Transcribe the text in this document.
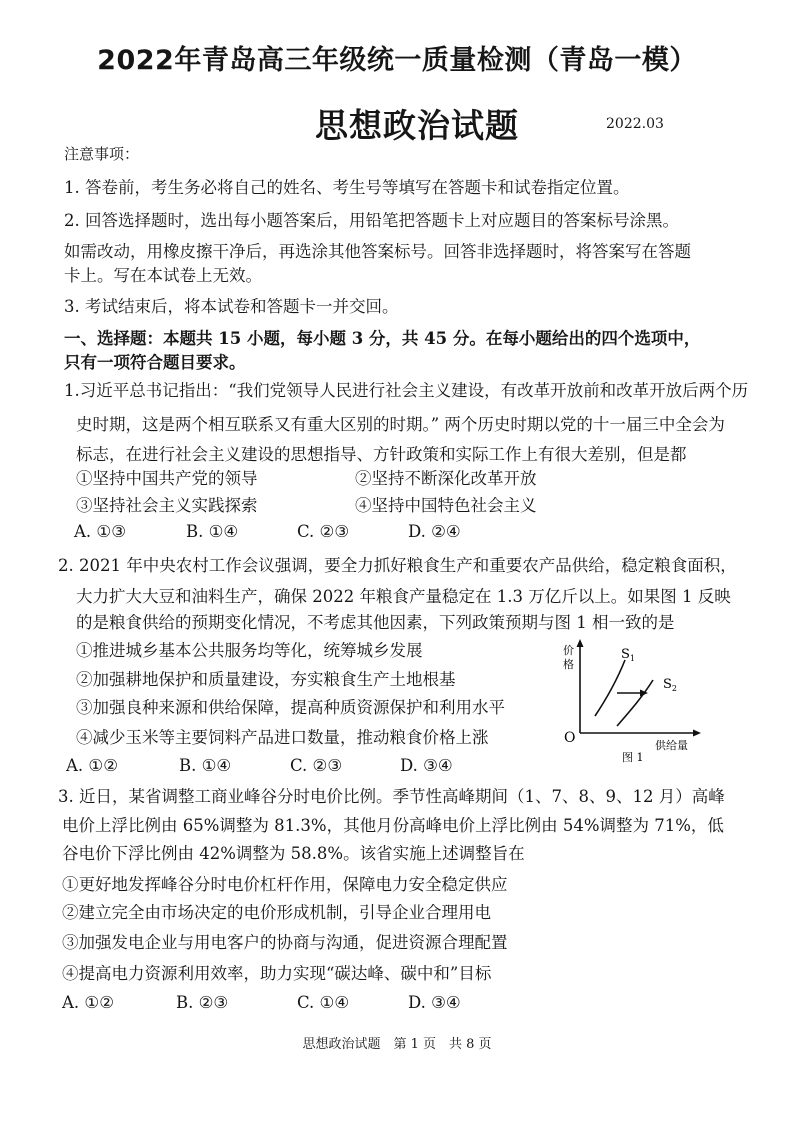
2022年青岛高三年级统一质量检测（青岛一模）
思想政治试题	2022.03
注意事项：
1. 答卷前，考生务必将自己的姓名、考生号等填写在答题卡和试卷指定位置。
2. 回答选择题时，选出每小题答案后，用铅笔把答题卡上对应题目的答案标号涂黑。
如需改动，用橡皮擦干净后，再选涂其他答案标号。回答非选择题时，将答案写在答题
卡上。写在本试卷上无效。
3. 考试结束后，将本试卷和答题卡一并交回。
一、选择题：本题共 15 小题，每小题 3 分，共 45 分。在每小题给出的四个选项中，
只有一项符合题目要求。
1.习近平总书记指出：“我们党领导人民进行社会主义建设，有改革开放前和改革开放后两个历
史时期，这是两个相互联系又有重大区别的时期。” 两个历史时期以党的十一届三中全会为
标志，在进行社会主义建设的思想指导、方针政策和实际工作上有很大差别，但是都
①坚持中国共产党的领导	②坚持不断深化改革开放
③坚持社会主义实践探索	④坚持中国特色社会主义
A. ①③	B. ①④	C. ②③	D. ②④
2. 2021 年中央农村工作会议强调，要全力抓好粮食生产和重要农产品供给，稳定粮食面积，
大力扩大大豆和油料生产，确保 2022 年粮食产量稳定在 1.3 万亿斤以上。如果图 1 反映
的是粮食供给的预期变化情况，不考虑其他因素，下列政策预期与图 1 相一致的是
①推进城乡基本公共服务均等化，统筹城乡发展
②加强耕地保护和质量建设，夯实粮食生产土地根基
③加强良种来源和供给保障，提高种质资源保护和利用水平
④减少玉米等主要饲料产品进口数量，推动粮食价格上涨
A. ①②	B. ①④	C. ②③	D. ③④
价
格
$S_1$
$S_2$
O	供给量
图 1
3. 近日，某省调整工商业峰谷分时电价比例。季节性高峰期间（1、7、8、9、12 月）高峰
电价上浮比例由 65%调整为 81.3%，其他月份高峰电价上浮比例由 54%调整为 71%，低
谷电价下浮比例由 42%调整为 58.8%。该省实施上述调整旨在
①更好地发挥峰谷分时电价杠杆作用，保障电力安全稳定供应
②建立完全由市场决定的电价形成机制，引导企业合理用电
③加强发电企业与用电客户的协商与沟通，促进资源合理配置
④提高电力资源利用效率，助力实现“碳达峰、碳中和”目标
A. ①②	B. ②③	C. ①④	D. ③④
思想政治试题　第 1 页　共 8 页
